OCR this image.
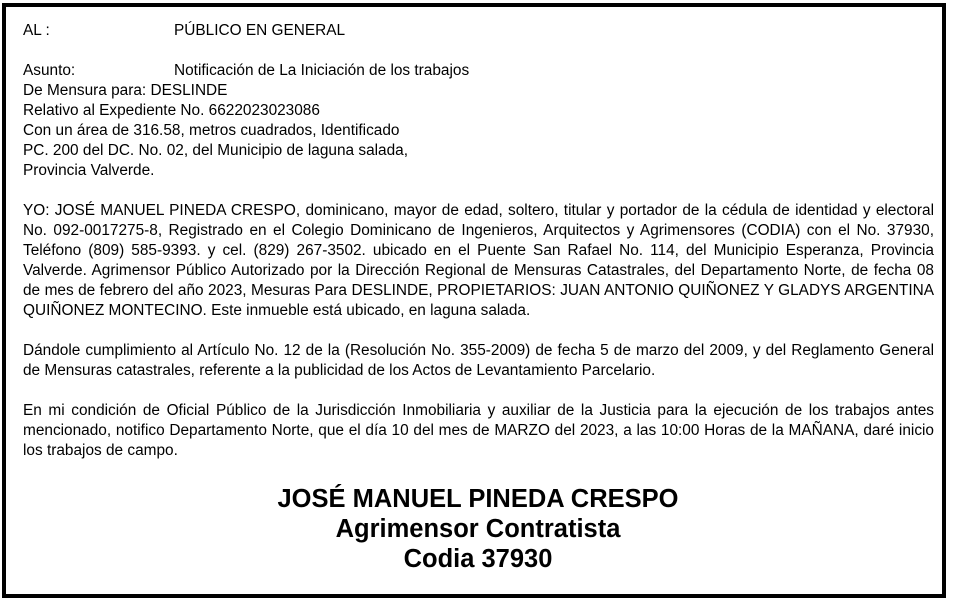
AL :	PÚBLICO EN GENERAL
Asunto:	Notificación de La Iniciación de los trabajos
De Mensura para: DESLINDE
Relativo al Expediente No. 6622023023086
Con un área de 316.58, metros cuadrados, Identificado
PC. 200 del DC. No. 02, del Municipio de laguna salada,
Provincia Valverde.
YO: JOSÉ MANUEL PINEDA CRESPO, dominicano, mayor de edad, soltero, titular y portador de la cédula de identidad y electoral No. 092-0017275-8, Registrado en el Colegio Dominicano de Ingenieros, Arquitectos y Agrimensores (CODIA) con el No. 37930, Teléfono (809) 585-9393. y cel. (829) 267-3502. ubicado en el Puente San Rafael No. 114, del Municipio Esperanza, Provincia Valverde. Agrimensor Público Autorizado por la Dirección Regional de Mensuras Catastrales, del Departamento Norte, de fecha 08 de mes de febrero del año 2023, Mesuras Para DESLINDE, PROPIETARIOS: JUAN ANTONIO QUIÑONEZ Y GLADYS ARGENTINA QUIÑONEZ MONTECINO. Este inmueble está ubicado, en laguna salada.
Dándole cumplimiento al Artículo No. 12 de la (Resolución No. 355-2009) de fecha 5 de marzo del 2009, y del Reglamento General de Mensuras catastrales, referente a la publicidad de los Actos de Levantamiento Parcelario.
En mi condición de Oficial Público de la Jurisdicción Inmobiliaria y auxiliar de la Justicia para la ejecución de los trabajos antes mencionado, notifico Departamento Norte, que el día 10 del mes de MARZO del 2023, a las 10:00 Horas de la MAÑANA, daré inicio los trabajos de campo.
JOSÉ MANUEL PINEDA CRESPO
Agrimensor Contratista
Codia 37930
